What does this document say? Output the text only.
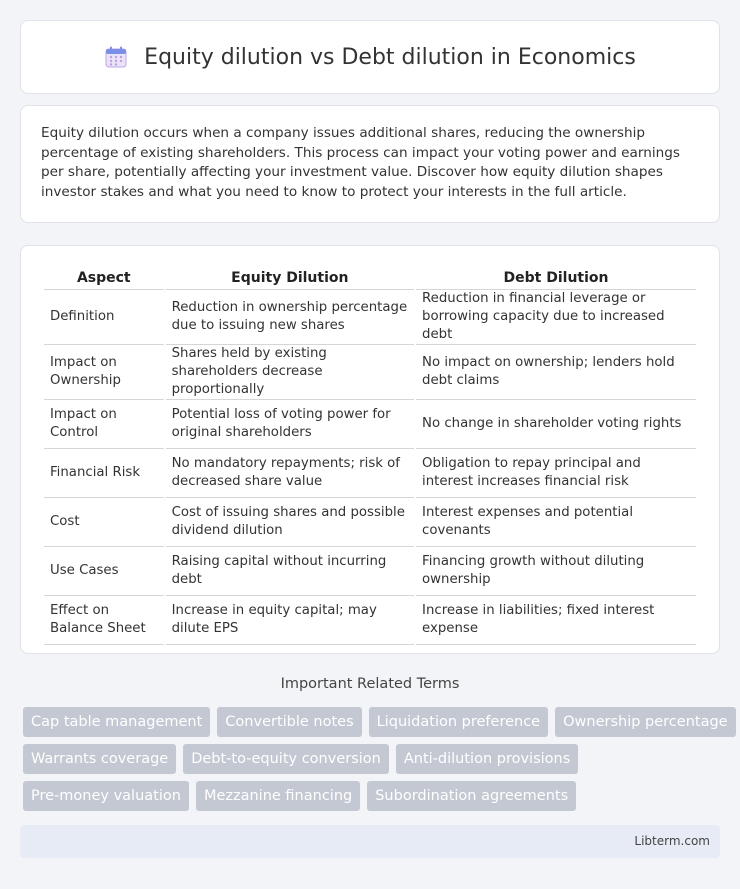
Equity dilution vs Debt dilution in Economics

Equity dilution occurs when a company issues additional shares, reducing the ownership percentage of existing shareholders. This process can impact your voting power and earnings per share, potentially affecting your investment value. Discover how equity dilution shapes investor stakes and what you need to know to protect your interests in the full article.

Aspect	Equity Dilution	Debt Dilution
Definition	Reduction in ownership percentage due to issuing new shares	Reduction in financial leverage or borrowing capacity due to increased debt
Impact on Ownership	Shares held by existing shareholders decrease proportionally	No impact on ownership; lenders hold debt claims
Impact on Control	Potential loss of voting power for original shareholders	No change in shareholder voting rights
Financial Risk	No mandatory repayments; risk of decreased share value	Obligation to repay principal and interest increases financial risk
Cost	Cost of issuing shares and possible dividend dilution	Interest expenses and potential covenants
Use Cases	Raising capital without incurring debt	Financing growth without diluting ownership
Effect on Balance Sheet	Increase in equity capital; may dilute EPS	Increase in liabilities; fixed interest expense
Important Related Terms
Cap table management	Convertible notes	Liquidation preference	Ownership percentage
Warrants coverage	Debt-to-equity conversion	Anti-dilution provisions
Pre-money valuation	Mezzanine financing	Subordination agreements
Libterm.com
